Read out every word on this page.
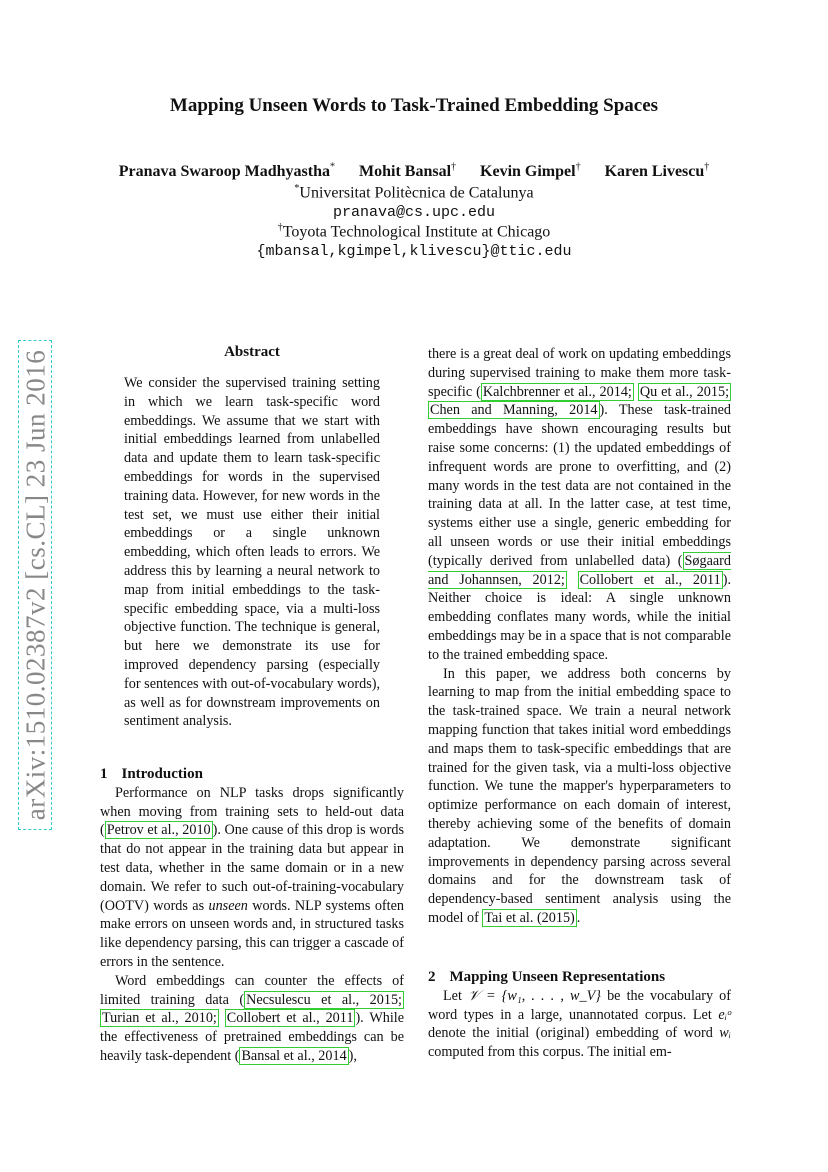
Mapping Unseen Words to Task-Trained Embedding Spaces
Pranava Swaroop Madhyastha* Mohit Bansal† Kevin Gimpel† Karen Livescu†
*Universitat Politècnica de Catalunya
pranava@cs.upc.edu
†Toyota Technological Institute at Chicago
{mbansal,kgimpel,klivescu}@ttic.edu
arXiv:1510.02387v2 [cs.CL] 23 Jun 2016	Abstract
We consider the supervised training setting in which we learn task-specific word embeddings. We assume that we start with initial embeddings learned from unlabelled data and update them to learn task-specific embeddings for words in the supervised training data. However, for new words in the test set, we must use either their initial embeddings or a single unknown embedding, which often leads to errors. We address this by learning a neural network to map from initial embeddings to the task-specific embedding space, via a multi-loss objective function. The technique is general, but here we demonstrate its use for improved dependency parsing (especially for sentences with out-of-vocabulary words), as well as for downstream improvements on sentiment analysis.
1 Introduction

Performance on NLP tasks drops significantly when moving from training sets to held-out data ( Petrov et al., 2010 ). One cause of this drop is words that do not appear in the training data but appear in test data, whether in the same domain or in a new domain. We refer to such out-of-training-vocabulary (OOTV) words as unseen words. NLP systems often make errors on unseen words and, in structured tasks like dependency parsing, this can trigger a cascade of errors in the sentence.

Word embeddings can counter the effects of limited training data ( Necsulescu et al., 2015; Turian et al., 2010; Collobert et al., 2011 ). While the effectiveness of pretrained embeddings can be heavily task-dependent ( Bansal et al., 2014 ),

there is a great deal of work on updating embeddings during supervised training to make them more task-specific ( Kalchbrenner et al., 2014; Qu et al., 2015; Chen and Manning, 2014 ). These task-trained embeddings have shown encouraging results but raise some concerns: (1) the updated embeddings of infrequent words are prone to overfitting, and (2) many words in the test data are not contained in the training data at all. In the latter case, at test time, systems either use a single, generic embedding for all unseen words or use their initial embeddings (typically derived from unlabelled data) ( Søgaard and Johannsen, 2012; Collobert et al., 2011 ). Neither choice is ideal: A single unknown embedding conflates many words, while the initial embeddings may be in a space that is not comparable to the trained embedding space.

In this paper, we address both concerns by learning to map from the initial embedding space to the task-trained space. We train a neural network mapping function that takes initial word embeddings and maps them to task-specific embeddings that are trained for the given task, via a multi-loss objective function. We tune the mapper's hyperparameters to optimize performance on each domain of interest, thereby achieving some of the benefits of domain adaptation. We demonstrate significant improvements in dependency parsing across several domains and for the downstream task of dependency-based sentiment analysis using the model of Tai et al. (2015) .

2 Mapping Unseen Representations

Let 𝒱 = {w₁, . . . , w_V} be the vocabulary of word types in a large, unannotated corpus. Let eᵢᵒ denote the initial (original) embedding of word wᵢ computed from this corpus. The initial em-
